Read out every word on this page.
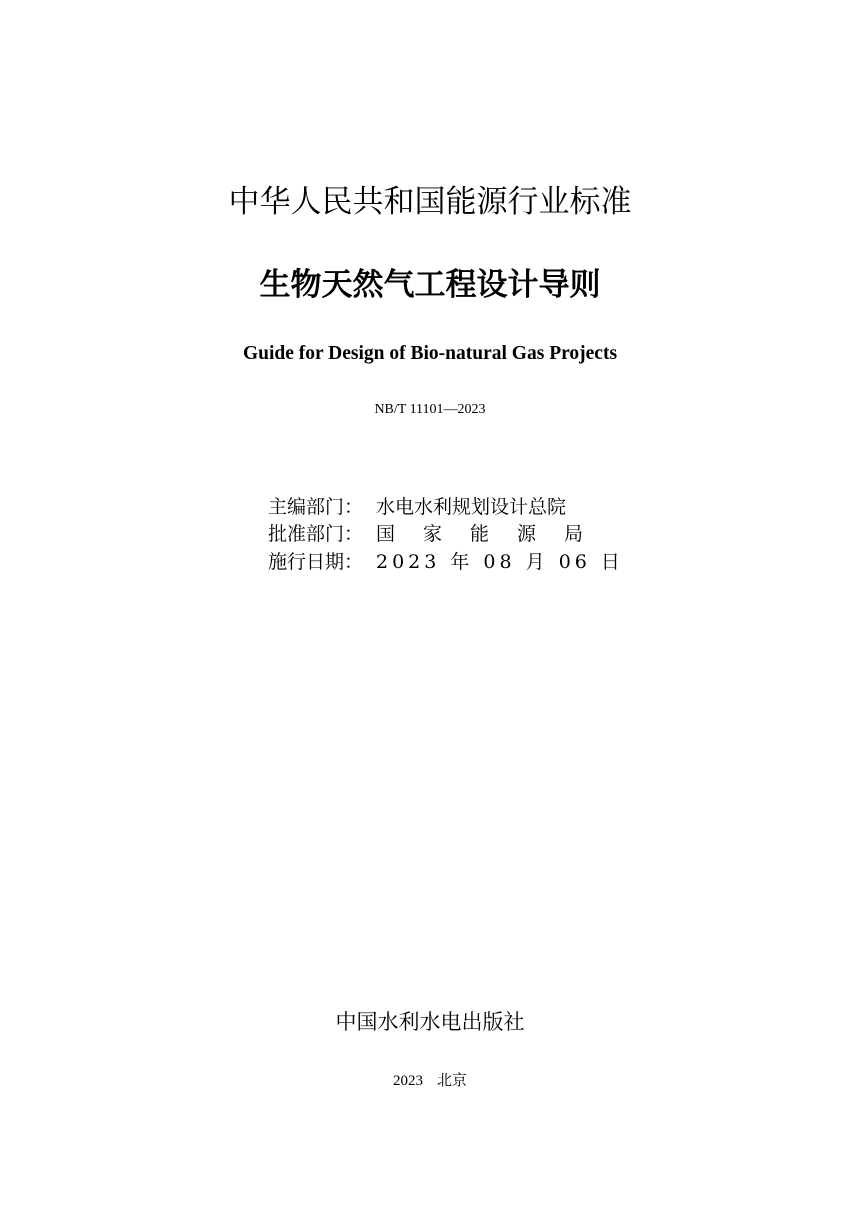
中华人民共和国能源行业标准
生物天然气工程设计导则
Guide for Design of Bio-natural Gas Projects
NB/T 11101—2023
主编部门： 水电水利规划设计总院
批准部门： 国家能源局
施行日期： 2023 年 08 月 06 日
中国水利水电出版社
2023 北京
